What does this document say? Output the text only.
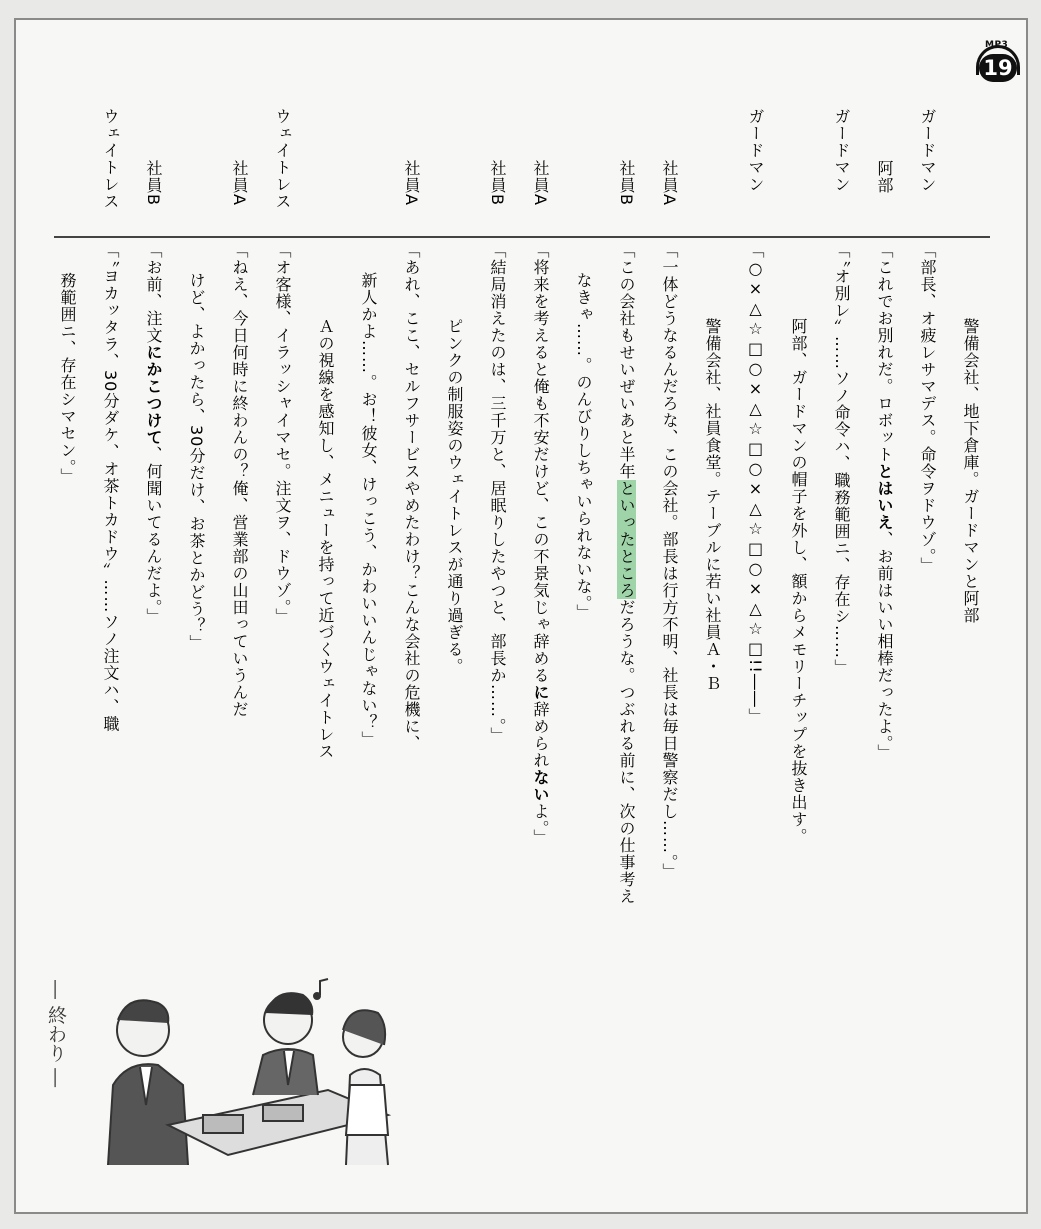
MP3
19
警備会社、地下倉庫。ガードマンと阿部
ガードマン
「部長、オ疲レサマデス。命令ヲドウゾ。」
阿部
「これでお別れだ。ロボットとはいえ、お前はいい相棒だったよ。」
ガードマン
「〝オ別レ〟……ソノ命令ハ、職務範囲ニ、存在シ……」
阿部、ガードマンの帽子を外し、額からメモリーチップを抜き出す。
ガードマン
「○×△☆□○×△☆□○×△☆□○×△☆□!!――」
警備会社、社員食堂。テーブルに若い社員Ａ・Ｂ
社員A
「一体どうなるんだろな、この会社。部長は行方不明、社長は毎日警察だし……。」
社員B
「この会社もせいぜいあと半年といったところだろうな。つぶれる前に、次の仕事考え
なきゃ……。のんびりしちゃいられないな。」
社員A
「将来を考えると俺も不安だけど、この不景気じゃ辞めるに辞められないよ。」
社員B
「結局消えたのは、三千万と、居眠りしたやつと、部長か……。」
ピンクの制服姿のウェイトレスが通り過ぎる。
社員A
「あれ、ここ、セルフサービスやめたわけ？こんな会社の危機に、
新人かよ……。お！彼女、けっこう、かわいいんじゃない？」
Ａの視線を感知し、メニューを持って近づくウェイトレス
ウェイトレス
「オ客様、イラッシャイマセ。注文ヲ、ドウゾ。」
社員A
「ねえ、今日何時に終わんの？俺、営業部の山田っていうんだ
けど、よかったら、30分だけ、お茶とかどう？」
社員B
「お前、注文にかこつけて、何聞いてるんだよ。」
ウェイトレス
「〝ヨカッタラ、30分ダケ、オ茶トカドウ〟……ソノ注文ハ、職
務範囲ニ、存在シマセン。」
― 終わり ―
